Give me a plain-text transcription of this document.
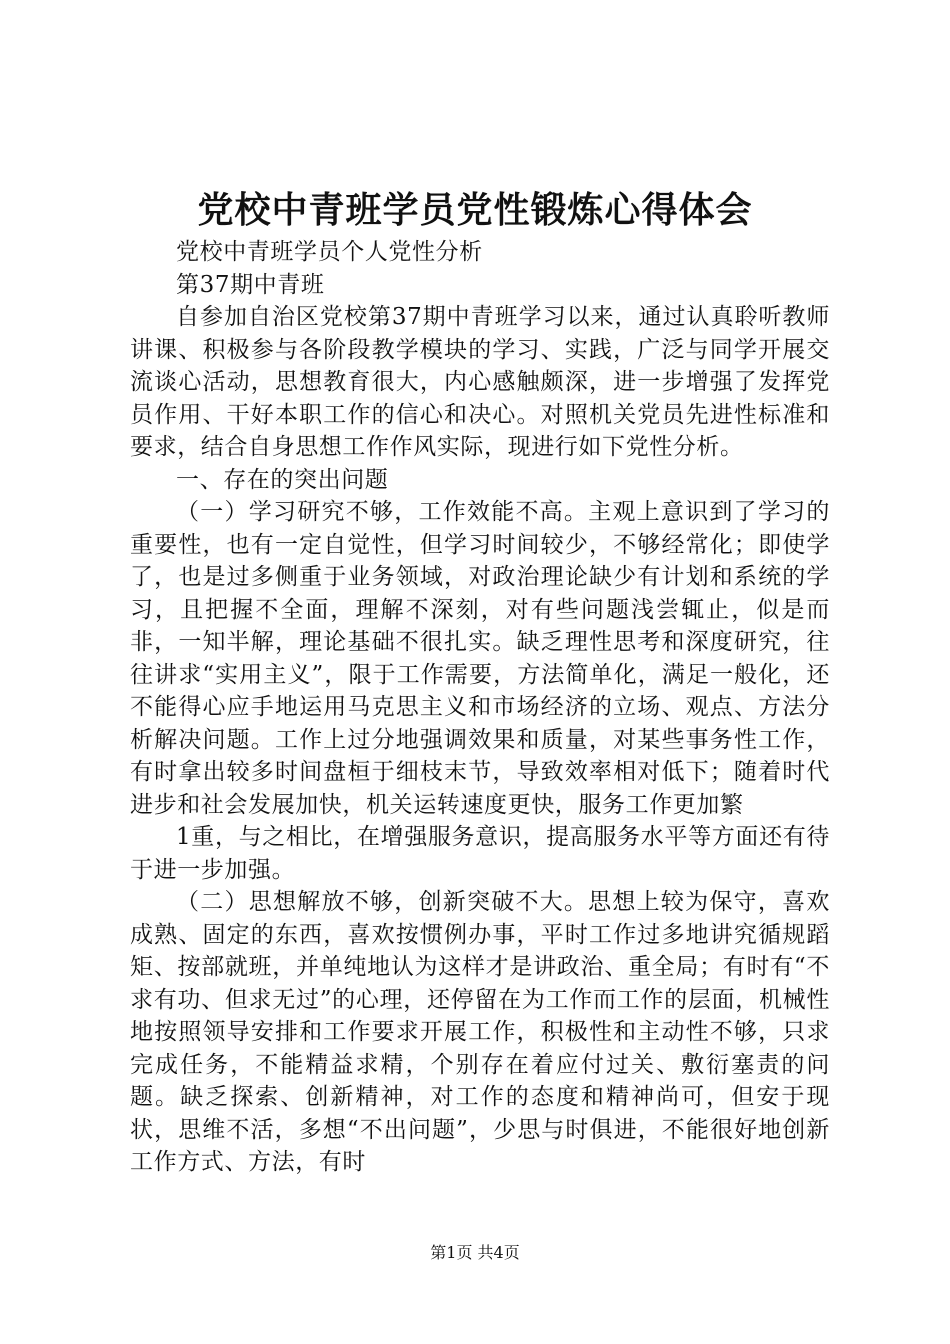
党校中青班学员党性锻炼心得体会

党校中青班学员个人党性分析

第37期中青班

自参加自治区党校第37期中青班学习以来，通过认真聆听教师讲课、积极参与各阶段教学模块的学习、实践，广泛与同学开展交流谈心活动，思想教育很大，内心感触颇深，进一步增强了发挥党员作用、干好本职工作的信心和决心。对照机关党员先进性标准和要求，结合自身思想工作作风实际，现进行如下党性分析。

一、存在的突出问题

（一）学习研究不够，工作效能不高。主观上意识到了学习的重要性，也有一定自觉性，但学习时间较少，不够经常化；即使学了，也是过多侧重于业务领域，对政治理论缺少有计划和系统的学习，且把握不全面，理解不深刻，对有些问题浅尝辄止，似是而非，一知半解，理论基础不很扎实。缺乏理性思考和深度研究，往往讲求“实用主义”，限于工作需要，方法简单化，满足一般化，还不能得心应手地运用马克思主义和市场经济的立场、观点、方法分析解决问题。工作上过分地强调效果和质量，对某些事务性工作，有时拿出较多时间盘桓于细枝末节，导致效率相对低下；随着时代进步和社会发展加快，机关运转速度更快，服务工作更加繁

1重，与之相比，在增强服务意识，提高服务水平等方面还有待于进一步加强。

（二）思想解放不够，创新突破不大。思想上较为保守，喜欢成熟、固定的东西，喜欢按惯例办事，平时工作过多地讲究循规蹈矩、按部就班，并单纯地认为这样才是讲政治、重全局；有时有“不求有功、但求无过”的心理，还停留在为工作而工作的层面，机械性地按照领导安排和工作要求开展工作，积极性和主动性不够，只求完成任务，不能精益求精，个别存在着应付过关、敷衍塞责的问题。缺乏探索、创新精神，对工作的态度和精神尚可，但安于现状，思维不活，多想“不出问题”，少思与时俱进，不能很好地创新工作方式、方法，有时

第1页 共4页
